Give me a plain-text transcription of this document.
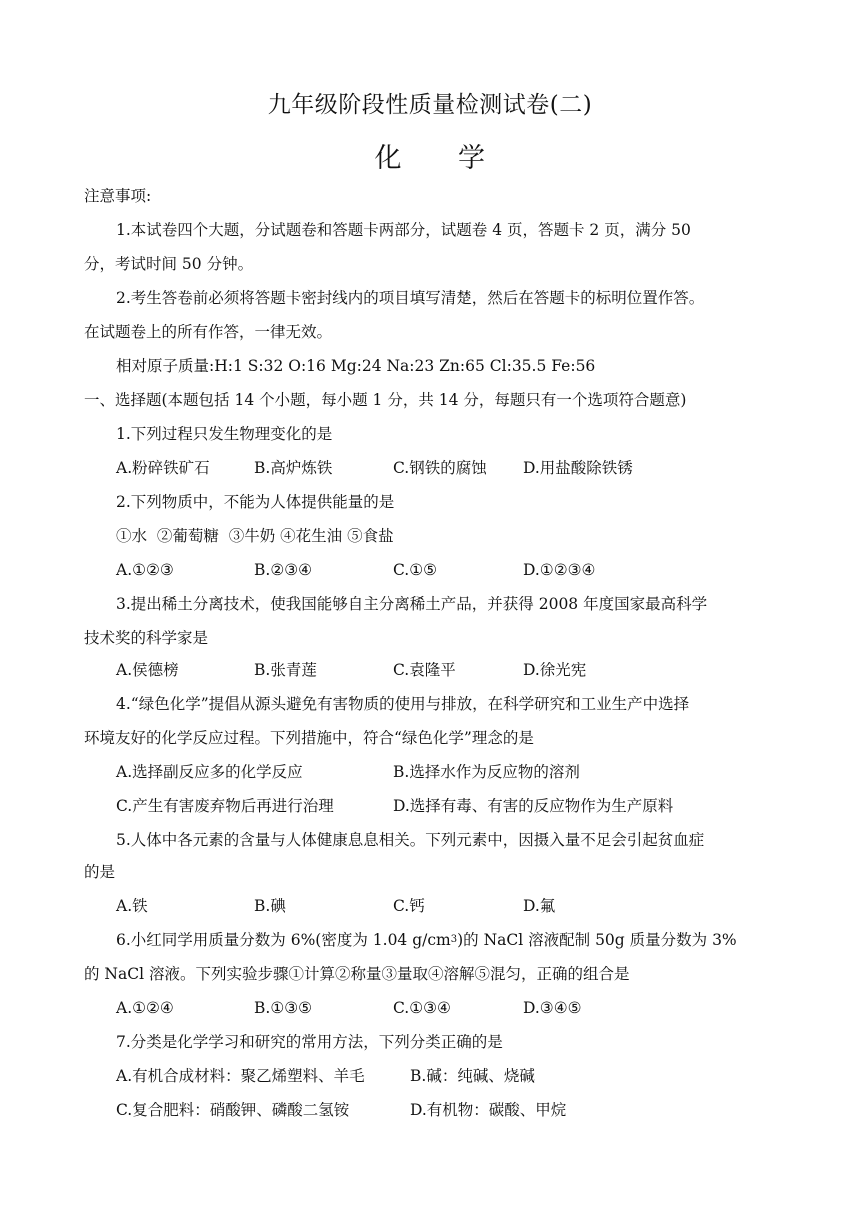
九年级阶段性质量检测试卷(二)
化 学
注意事项:
1.本试卷四个大题，分试题卷和答题卡两部分，试题卷 4 页，答题卡 2 页，满分 50
分，考试时间 50 分钟。
2.考生答卷前必须将答题卡密封线内的项目填写清楚，然后在答题卡的标明位置作答。
在试题卷上的所有作答，一律无效。
相对原子质量:H:1 S:32 O:16 Mg:24 Na:23 Zn:65 Cl:35.5 Fe:56
一、选择题(本题包括 14 个小题，每小题 1 分，共 14 分，每题只有一个选项符合题意)
1.下列过程只发生物理变化的是
A.粉碎铁矿石	B.高炉炼铁	C.钢铁的腐蚀 D.用盐酸除铁锈
2.下列物质中，不能为人体提供能量的是
①水  ②葡萄糖  ③牛奶 ④花生油 ⑤食盐
A.①②③	B.②③④	C.①⑤	D.①②③④
3.提出稀土分离技术，使我国能够自主分离稀土产品，并获得 2008 年度国家最高科学
技术奖的科学家是
A.侯德榜	B.张青莲	C.袁隆平	D.徐光宪
4.“绿色化学”提倡从源头避免有害物质的使用与排放，在科学研究和工业生产中选择
环境友好的化学反应过程。下列措施中，符合“绿色化学”理念的是
A.选择副反应多的化学反应	B.选择水作为反应物的溶剂
C.产生有害废弃物后再进行治理	D.选择有毒、有害的反应物作为生产原料
5.人体中各元素的含量与人体健康息息相关。下列元素中，因摄入量不足会引起贫血症
的是
A.铁	B.碘	C.钙	D.氟
6.小红同学用质量分数为 6%(密度为 1.04 $g/cm^3$)的 NaCl 溶液配制 50g 质量分数为 3%
的 NaCl 溶液。下列实验步骤①计算②称量③量取④溶解⑤混匀，正确的组合是
A.①②④	B.①③⑤	C.①③④	D.③④⑤
7.分类是化学学习和研究的常用方法，下列分类正确的是
A.有机合成材料：聚乙烯塑料、羊毛	B.碱：纯碱、烧碱
C.复合肥料：硝酸钾、磷酸二氢铵	D.有机物：碳酸、甲烷
